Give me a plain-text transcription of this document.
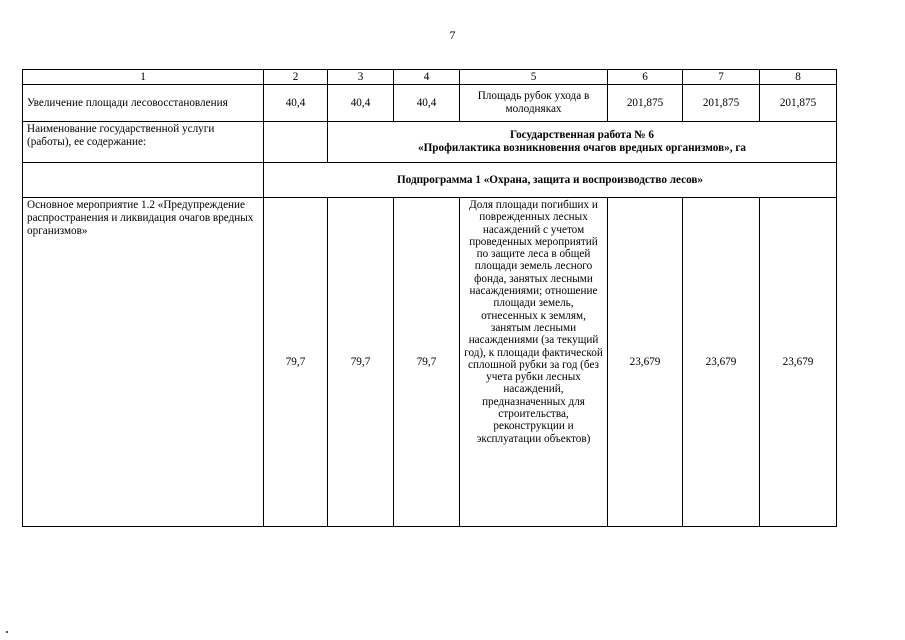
7
1	2	3	4	5	6	7	8
Увеличение площади лесовосстановления	40,4	40,4	40,4	Площадь рубок ухода в молодняках	201,875	201,875	201,875
Наименование государственной услуги (работы), ее содержание:		Государственная работа № 6
«Профилактика возникновения очагов вредных организмов», га					

	Подпрограмма 1 «Охрана, защита и воспроизводство лесов»						
Основное мероприятие 1.2 «Предупреждение распространения и ликвидация очагов вредных организмов»	79,7	79,7	79,7	Доля площади погибших и поврежденных лесных насаждений с учетом проведенных мероприятий по защите леса в общей площади земель лесного фонда, занятых лесными насаждениями; отношение площади земель, отнесенных к землям, занятым лесными насаждениями (за текущий год), к площади фактической сплошной рубки за год (без учета рубки лесных насаждений, предназначенных для строительства, реконструкции и эксплуатации объектов)	23,679	23,679	23,679
